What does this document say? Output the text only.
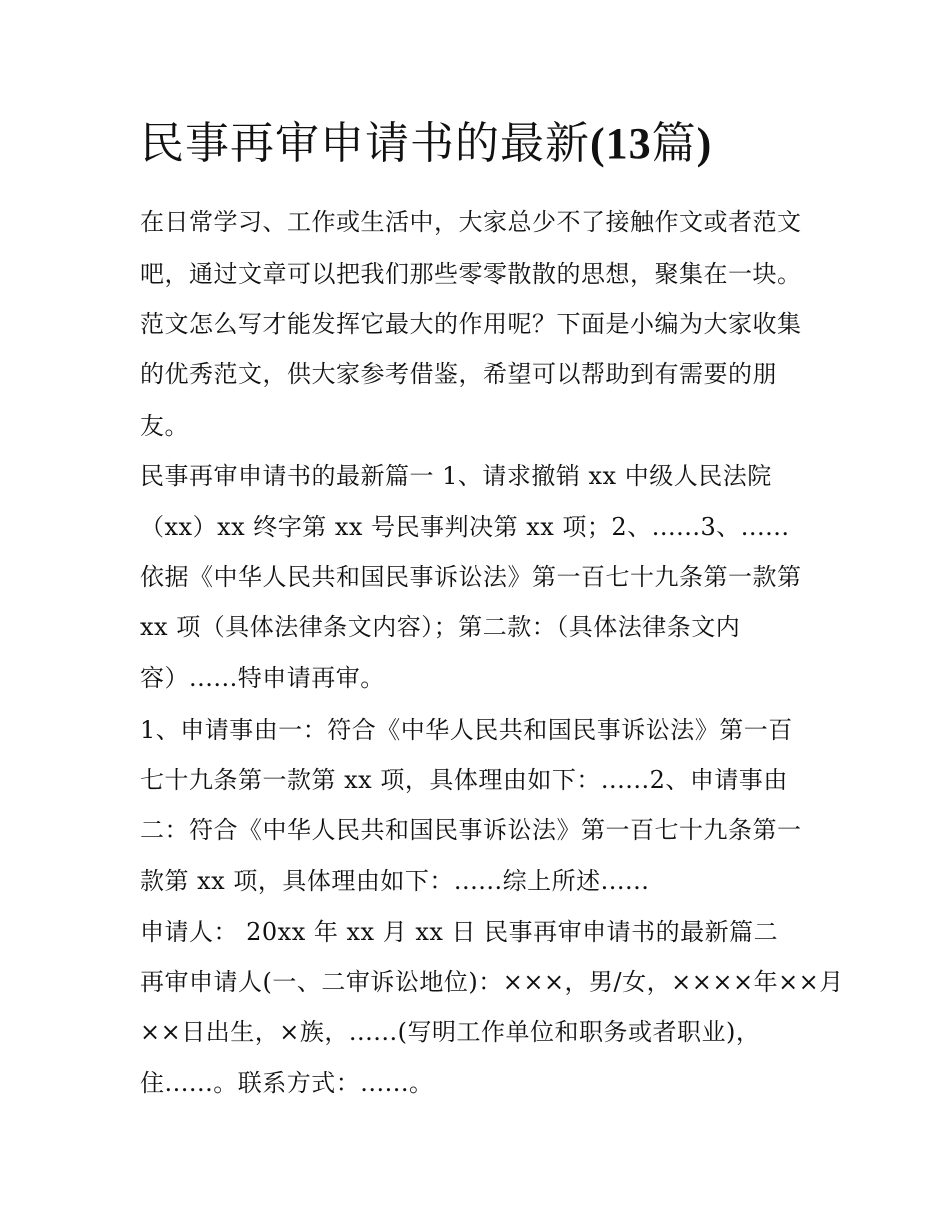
民事再审申请书的最新(13篇)
在日常学习、工作或生活中，大家总少不了接触作文或者范文
吧，通过文章可以把我们那些零零散散的思想，聚集在一块。
范文怎么写才能发挥它最大的作用呢？下面是小编为大家收集
的优秀范文，供大家参考借鉴，希望可以帮助到有需要的朋
友。
民事再审申请书的最新篇一 1、请求撤销 xx 中级人民法院
（xx）xx 终字第 xx 号民事判决第 xx 项；2、......3、......
依据《中华人民共和国民事诉讼法》第一百七十九条第一款第
xx 项（具体法律条文内容）；第二款：（具体法律条文内
容）......特申请再审。
1、申请事由一：符合《中华人民共和国民事诉讼法》第一百
七十九条第一款第 xx 项，具体理由如下：......2、申请事由
二：符合《中华人民共和国民事诉讼法》第一百七十九条第一
款第 xx 项，具体理由如下：......综上所述......
申请人： 20xx 年 xx 月 xx 日 民事再审申请书的最新篇二
再审申请人(一、二审诉讼地位)：×××，男/女，××××年××月
××日出生，×族，......(写明工作单位和职务或者职业)，
住......。联系方式：......。
